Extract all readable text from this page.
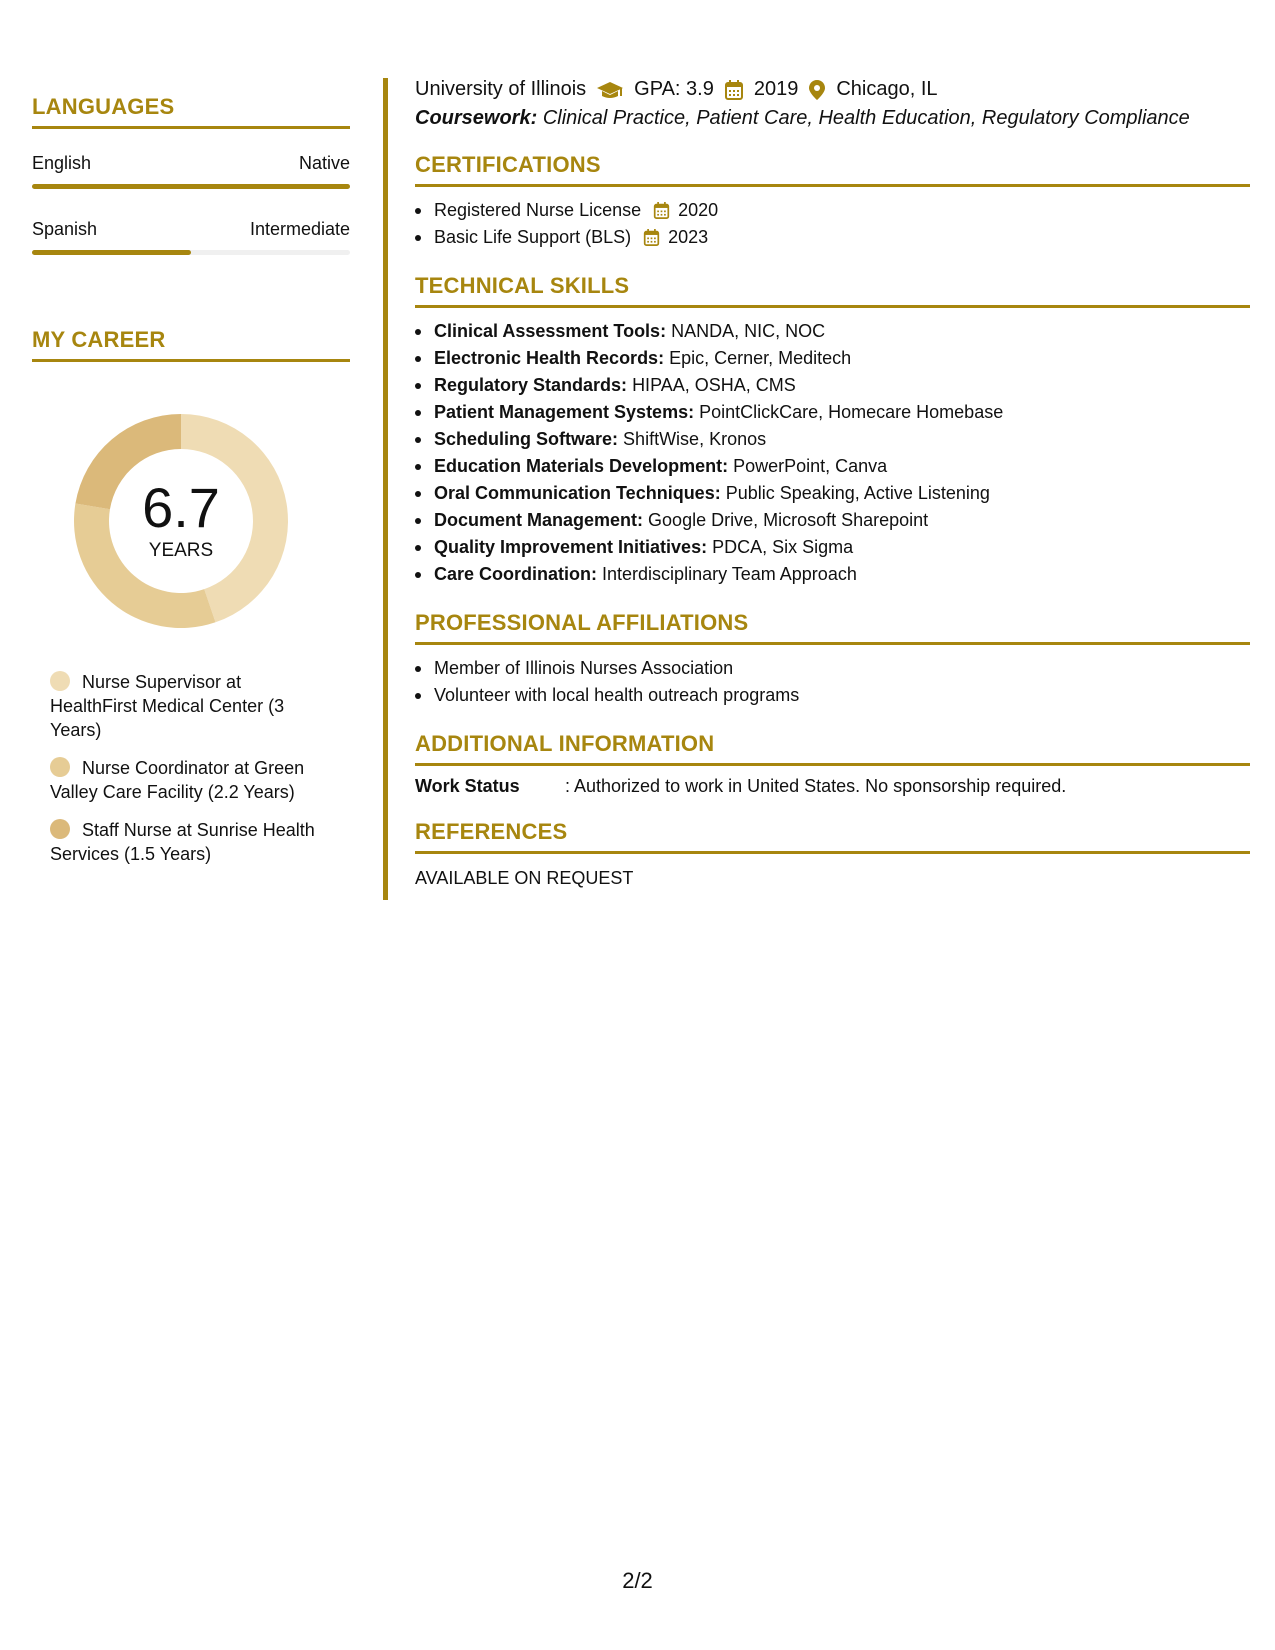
LANGUAGES
English	Native
Spanish	Intermediate
MY CAREER
6.7
YEARS
Nurse Supervisor at HealthFirst Medical Center (3 Years)
Nurse Coordinator at Green Valley Care Facility (2.2 Years)
Staff Nurse at Sunrise Health Services (1.5 Years)
University of Illinois GPA: 3.9 2019 Chicago, IL
Coursework: Clinical Practice, Patient Care, Health Education, Regulatory Compliance
CERTIFICATIONS
Registered Nurse License 2020
Basic Life Support (BLS) 2023
TECHNICAL SKILLS
Clinical Assessment Tools: NANDA, NIC, NOC
Electronic Health Records: Epic, Cerner, Meditech
Regulatory Standards: HIPAA, OSHA, CMS
Patient Management Systems: PointClickCare, Homecare Homebase
Scheduling Software: ShiftWise, Kronos
Education Materials Development: PowerPoint, Canva
Oral Communication Techniques: Public Speaking, Active Listening
Document Management: Google Drive, Microsoft Sharepoint
Quality Improvement Initiatives: PDCA, Six Sigma
Care Coordination: Interdisciplinary Team Approach
PROFESSIONAL AFFILIATIONS
Member of Illinois Nurses Association
Volunteer with local health outreach programs
ADDITIONAL INFORMATION
Work Status	: Authorized to work in United States. No sponsorship required.
REFERENCES
AVAILABLE ON REQUEST
2/2
